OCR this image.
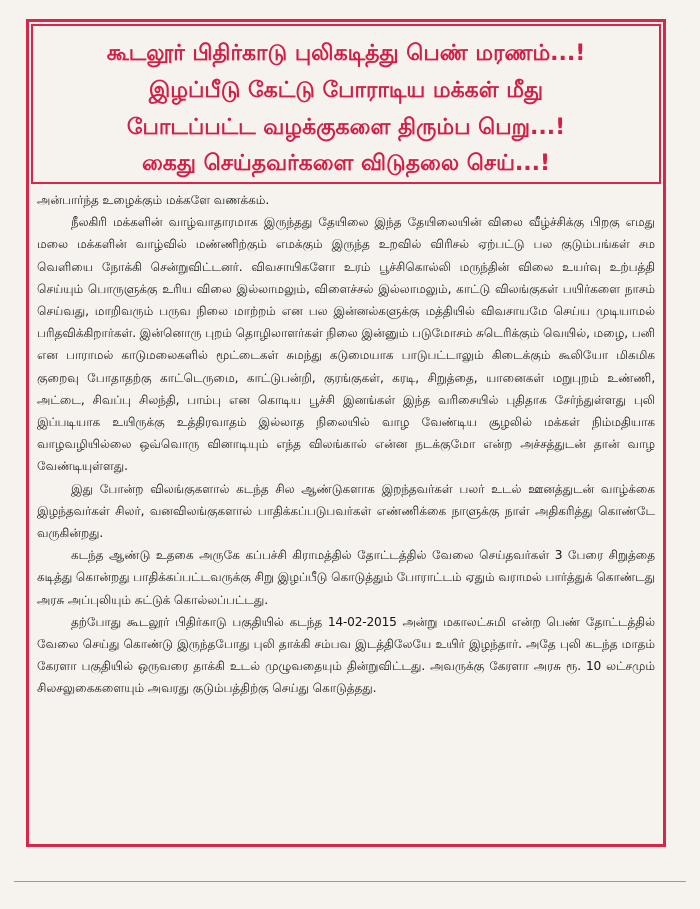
கூடலூர் பிதிர்காடு புலிகடித்து பெண் மரணம்...!
இழப்பீடு கேட்டு போராடிய மக்கள் மீது
போடப்பட்ட வழக்குகளை திரும்ப பெறு...!
கைது செய்தவர்களை விடுதலை செய்...!

அன்பார்ந்த உழைக்கும் மக்களே வணக்கம்.

நீலகிரி மக்களின் வாழ்வாதாரமாக இருந்தது தேயிலை இந்த தேயிலையின் விலை வீழ்ச்சிக்கு பிறகு எமது மலை மக்களின் வாழ்வில் மண்ணிற்கும் எமக்கும் இருந்த உறவில் விரிசல் ஏற்பட்டு பல குடும்பங்கள் சம வெளியை நோக்கி சென்றுவிட்டனர். விவசாயிகளோ உரம் பூச்சிகொல்லி மருந்தின் விலை உயர்வு உற்பத்தி செய்யும் பொருளுக்கு உரிய விலை இல்லாமலும், விளைச்சல் இல்லாமலும், காட்டு விலங்குகள் பயிர்களை நாசம் செய்வது, மாறிவரும் பருவ நிலை மாற்றம் என பல இன்னல்களுக்கு மத்தியில் விவசாயமே செய்ய முடியாமல் பரிதவிக்கிறார்கள். இன்னொரு புறம் தொழிலாளர்கள் நிலை இன்னும் படுமோசம் சுடெரிக்கும் வெயில், மழை, பனி என பாராமல் காடுமலைகளில் மூட்டைகள் சுமந்து கடுமையாக பாடுபட்டாலும் கிடைக்கும் கூலியோ மிகமிக குறைவு போதாதற்கு காட்டெருமை, காட்டுபன்றி, குரங்குகள், கரடி, சிறுத்தை, யானைகள் மறுபுறம் உண்ணி, அட்டை, சிவப்பு சிலந்தி, பாம்பு என கொடிய பூச்சி இனங்கள் இந்த வரிசையில் புதிதாக சேர்ந்துள்ளது புலி இப்படியாக உயிருக்கு உத்திரவாதம் இல்லாத நிலையில் வாழ வேண்டிய சூழலில் மக்கள் நிம்மதியாக வாழவழியில்லை ஒவ்வொரு வினாடியும் எந்த விலங்கால் என்ன நடக்குமோ என்ற அச்சத்துடன் தான் வாழ வேண்டியுள்ளது.

இது போன்ற விலங்குகளால் கடந்த சில ஆண்டுகளாக இறந்தவர்கள் பலர் உடல் ஊனத்துடன் வாழ்க்கை இழந்தவர்கள் சிலர், வனவிலங்குகளால் பாதிக்கப்படுபவர்கள் எண்ணிக்கை நாளுக்கு நாள் அதிகரித்து கொண்டே வருகின்றது.

கடந்த ஆண்டு உதகை அருகே கப்பச்சி கிராமத்தில் தோட்டத்தில் வேலை செய்தவர்கள் 3 பேரை சிறுத்தை கடித்து கொன்றது பாதிக்கப்பட்டவருக்கு சிறு இழப்பீடு கொடுத்தும் போராட்டம் ஏதும் வராமல் பார்த்துக் கொண்டது அரசு அப்புலியும் சுட்டுக் கொல்லப்பட்டது.

தற்போது கூடலூர் பிதிர்காடு பகுதியில் கடந்த 14-02-2015 அன்று மகாலட்சுமி என்ற பெண் தோட்டத்தில் வேலை செய்து கொண்டு இருந்தபோது புலி தாக்கி சம்பவ இடத்திலேயே உயிர் இழந்தார். அதே புலி கடந்த மாதம் கேரளா பகுதியில் ஒருவரை தாக்கி உடல் முழுவதையும் தின்றுவிட்டது. அவருக்கு கேரளா அரசு ரூ. 10 லட்சமும் சிலசலுகைகளையும் அவரது குடும்பத்திற்கு செய்து கொடுத்தது.
